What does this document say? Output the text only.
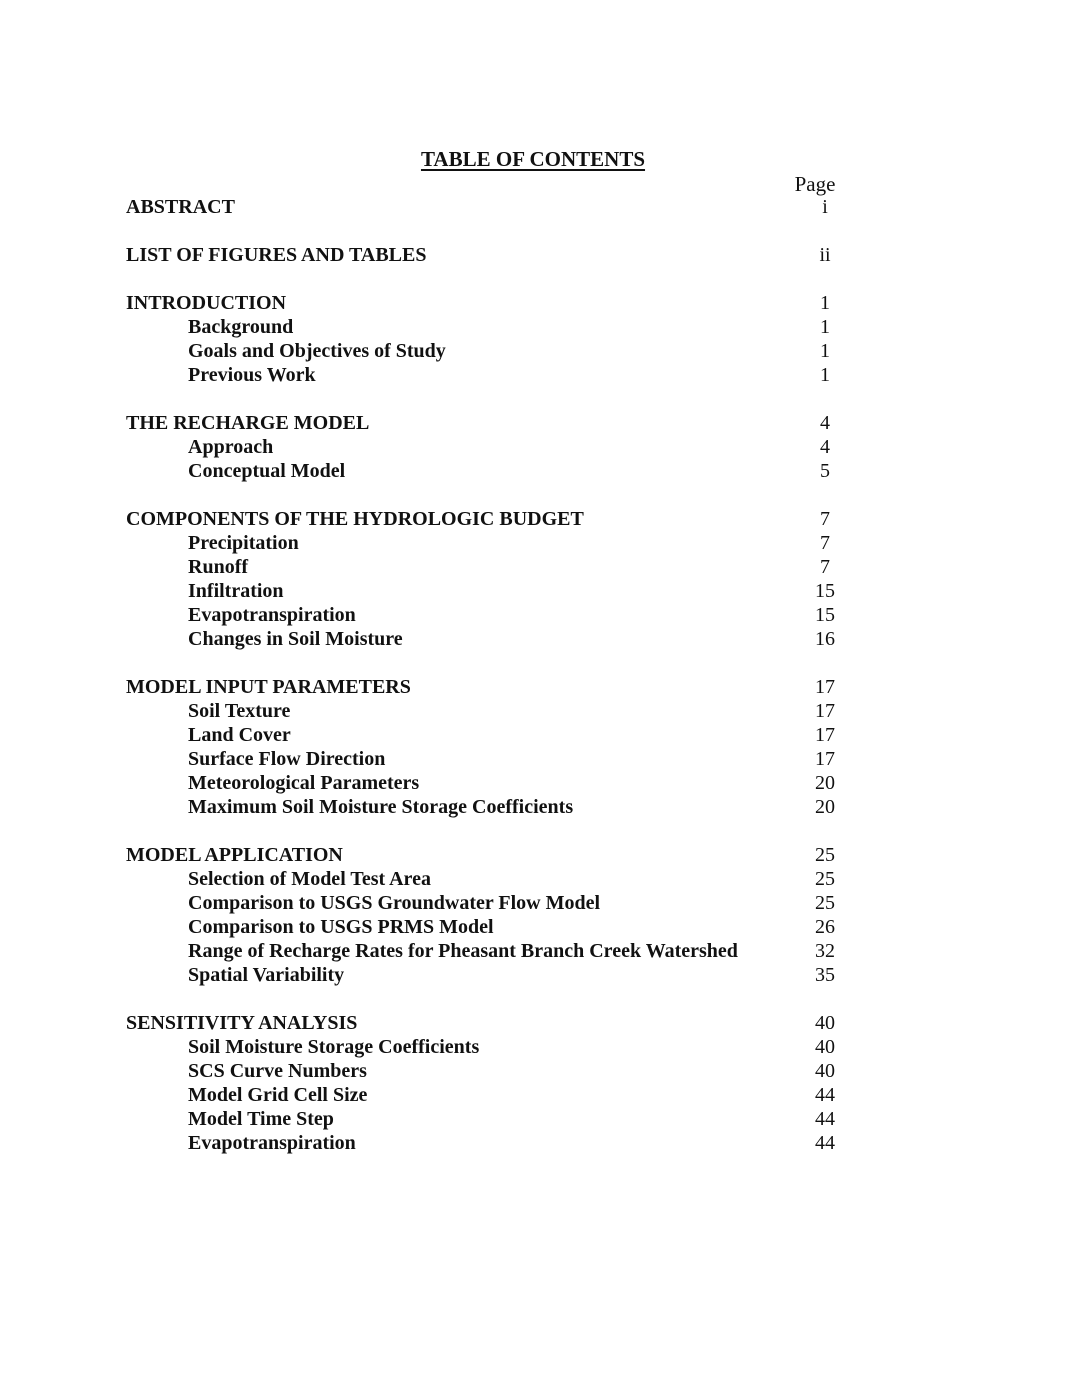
TABLE OF CONTENTS
Page
ABSTRACT	i
LIST OF FIGURES AND TABLES	ii
INTRODUCTION	1
Background	1
Goals and Objectives of Study	1
Previous Work	1
THE RECHARGE MODEL	4
Approach	4
Conceptual Model	5
COMPONENTS OF THE HYDROLOGIC BUDGET	7
Precipitation	7
Runoff	7
Infiltration	15
Evapotranspiration	15
Changes in Soil Moisture	16
MODEL INPUT PARAMETERS	17
Soil Texture	17
Land Cover	17
Surface Flow Direction	17
Meteorological Parameters	20
Maximum Soil Moisture Storage Coefficients	20
MODEL APPLICATION	25
Selection of Model Test Area	25
Comparison to USGS Groundwater Flow Model	25
Comparison to USGS PRMS Model	26
Range of Recharge Rates for Pheasant Branch Creek Watershed	32
Spatial Variability	35
SENSITIVITY ANALYSIS	40
Soil Moisture Storage Coefficients	40
SCS Curve Numbers	40
Model Grid Cell Size	44
Model Time Step	44
Evapotranspiration	44
